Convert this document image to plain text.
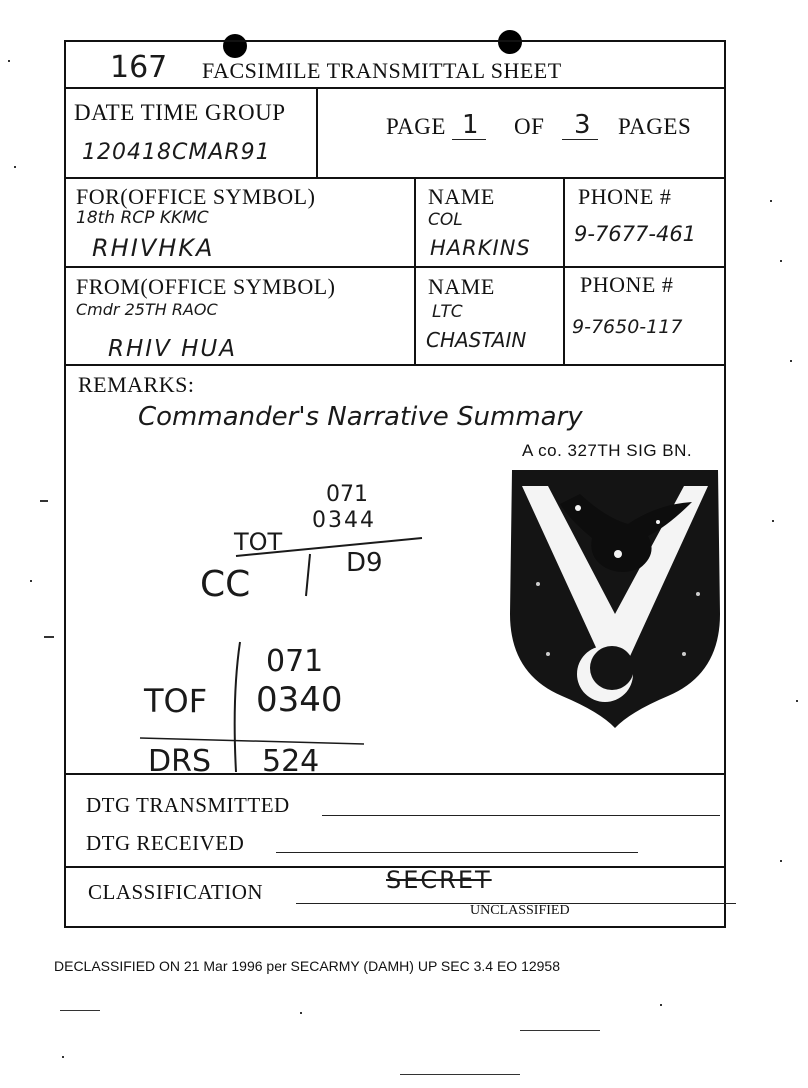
167 FACSIMILE TRANSMITTAL SHEET
DATE TIME GROUP
120418CMAR91
PAGE 1 OF 3 PAGES
FOR(OFFICE SYMBOL)
18th RCP KKMC
RHIVHKA
NAME
COL
HARKINS
PHONE #
9-7677-461
FROM(OFFICE SYMBOL)
Cmdr 25TH RAOC
RHIV HUA
NAME
LTC
CHASTAIN
PHONE #
9-7650-117
REMARKS:
Commander's Narrative Summary
A co. 327TH SIG BN.
071
0344
TOT
CC
D9
071
TOF 0340
DRS 524
DTG TRANSMITTED
DTG RECEIVED
CLASSIFICATION	SECRET
UNCLASSIFIED
DECLASSIFIED ON 21 Mar 1996 per SECARMY (DAMH) UP SEC 3.4 EO 12958
